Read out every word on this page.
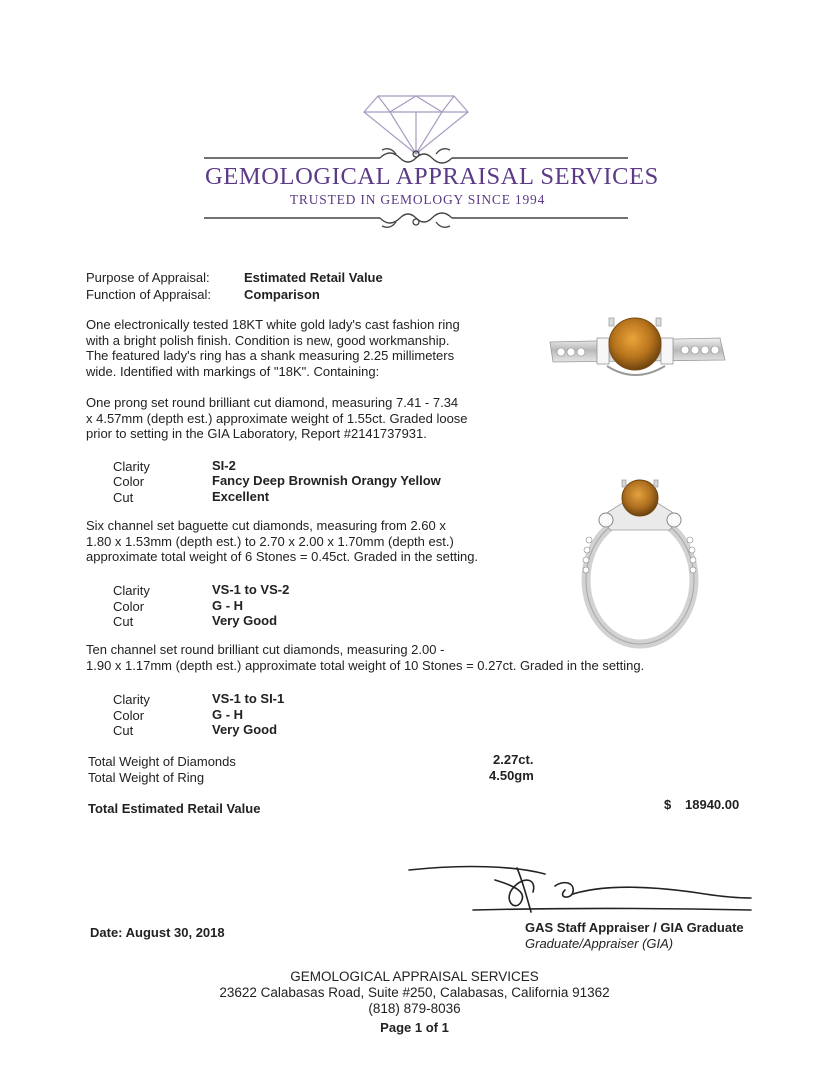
GEMOLOGICAL APPRAISAL SERVICES
TRUSTED IN GEMOLOGY SINCE 1994
Purpose of Appraisal:	Estimated Retail Value
Function of Appraisal:	Comparison
One electronically tested 18KT white gold lady's cast fashion ring
with a bright polish finish. Condition is new, good workmanship.
The featured lady's ring has a shank measuring 2.25 millimeters
wide. Identified with markings of "18K". Containing:
One prong set round brilliant cut diamond, measuring 7.41 - 7.34
x 4.57mm (depth est.) approximate weight of 1.55ct. Graded loose
prior to setting in the GIA Laboratory, Report #2141737931.
Clarity	SI-2
Color	Fancy Deep Brownish Orangy Yellow
Cut	Excellent
Six channel set baguette cut diamonds, measuring from 2.60 x
1.80 x 1.53mm (depth est.) to 2.70 x 2.00 x 1.70mm (depth est.)
approximate total weight of 6 Stones = 0.45ct. Graded in the setting.
Clarity	VS-1 to VS-2
Color	G - H
Cut	Very Good
Ten channel set round brilliant cut diamonds, measuring 2.00 -
1.90 x 1.17mm (depth est.) approximate total weight of 10 Stones = 0.27ct. Graded in the setting.
Clarity	VS-1 to SI-1
Color	G - H
Cut	Very Good
Total Weight of Diamonds	2.27ct.
Total Weight of Ring	4.50gm
Total Estimated Retail Value	$ 18940.00
Date: August 30, 2018	GAS Staff Appraiser / GIA Graduate
Graduate/Appraiser (GIA)
GEMOLOGICAL APPRAISAL SERVICES
23622 Calabasas Road, Suite #250, Calabasas, California 91362
(818) 879-8036
Page 1 of 1
